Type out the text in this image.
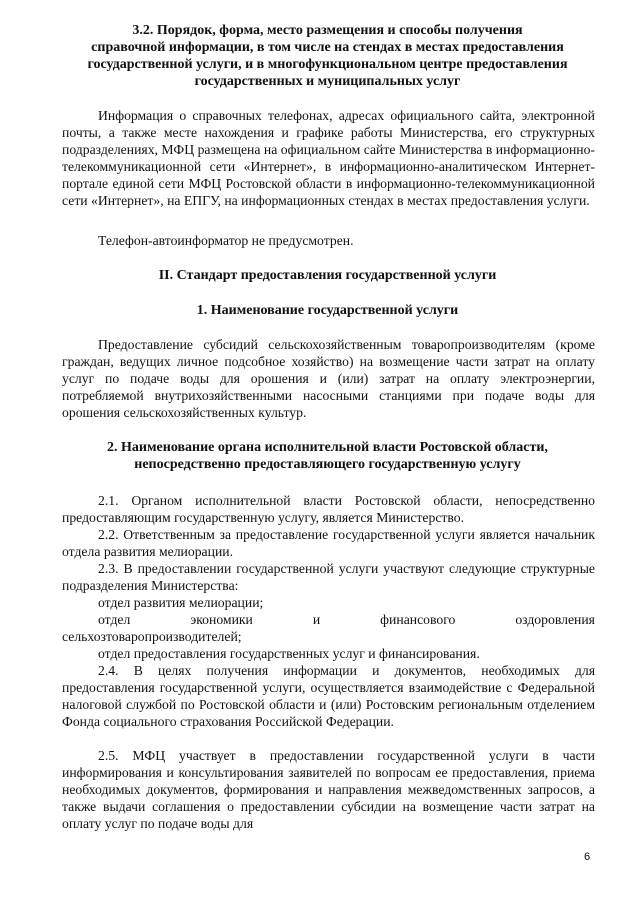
3.2. Порядок, форма, место размещения и способы получения

справочной информации, в том числе на стендах в местах предоставления

государственной услуги, и в многофункциональном центре предоставления

государственных и муниципальных услуг

Информация о справочных телефонах, адресах официального сайта, электронной почты, а также месте нахождения и графике работы Министерства, его структурных подразделениях, МФЦ размещена на официальном сайте Министерства в информационно-телекоммуникационной сети «Интернет», в информационно-аналитическом Интернет-портале единой сети МФЦ Ростовской области в информационно-телекоммуникационной сети «Интернет», на ЕПГУ, на информационных стендах в местах предоставления услуги.

Телефон-автоинформатор не предусмотрен.

II. Стандарт предоставления государственной услуги

1. Наименование государственной услуги

Предоставление субсидий сельскохозяйственным товаропроизводителям (кроме граждан, ведущих личное подсобное хозяйство) на возмещение части затрат на оплату услуг по подаче воды для орошения и (или) затрат на оплату электроэнергии, потребляемой внутрихозяйственными насосными станциями при подаче воды для орошения сельскохозяйственных культур.

2. Наименование органа исполнительной власти Ростовской области,

непосредственно предоставляющего государственную услугу

2.1. Органом исполнительной власти Ростовской области, непосредственно предоставляющим государственную услугу, является Министерство.

2.2. Ответственным за предоставление государственной услуги является начальник отдела развития мелиорации.

2.3. В предоставлении государственной услуги участвуют следующие структурные подразделения Министерства:

отдел развития мелиорации;

отдел	экономики	и	финансового	оздоровления

сельхозтоваропроизводителей;

отдел предоставления государственных услуг и финансирования.

2.4. В целях получения информации и документов, необходимых для предоставления государственной услуги, осуществляется взаимодействие с Федеральной налоговой службой по Ростовской области и (или) Ростовским региональным отделением Фонда социального страхования Российской Федерации.

2.5. МФЦ участвует в предоставлении государственной услуги в части информирования и консультирования заявителей по вопросам ее предоставления, приема необходимых документов, формирования и направления межведомственных запросов, а также выдачи соглашения о предоставлении субсидии на возмещение части затрат на оплату услуг по подаче воды для

6
